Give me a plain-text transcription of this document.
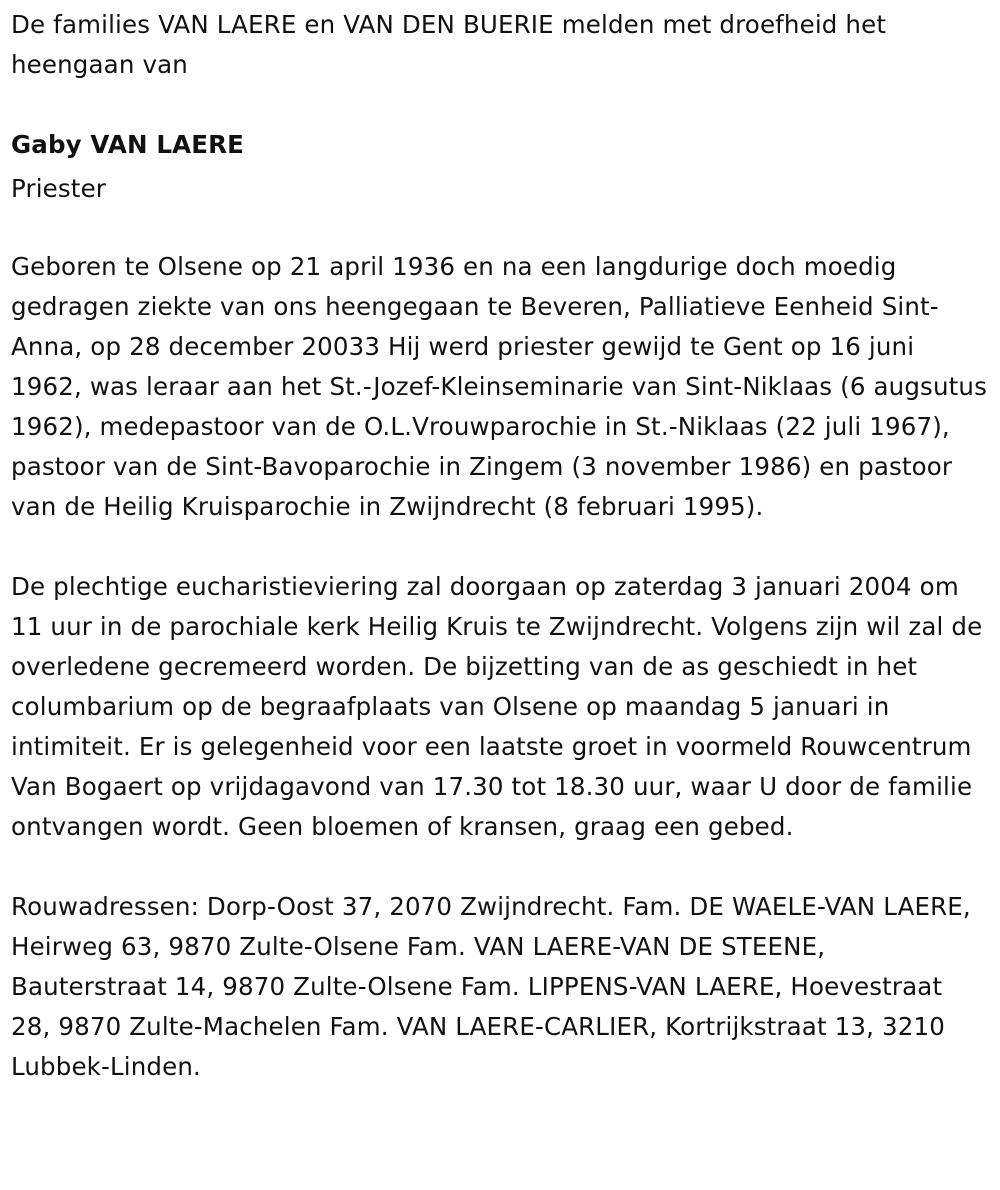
De families VAN LAERE en VAN DEN BUERIE melden met droefheid het heengaan van

Gaby VAN LAERE

Priester

Geboren te Olsene op 21 april 1936 en na een langdurige doch moedig gedragen ziekte van ons heengegaan te Beveren, Palliatieve Eenheid Sint-Anna, op 28 december 20033 Hij werd priester gewijd te Gent op 16 juni 1962, was leraar aan het St.-Jozef-Kleinseminarie van Sint-Niklaas (6 augsutus 1962), medepastoor van de O.L.Vrouwparochie in St.-Niklaas (22 juli 1967), pastoor van de Sint-Bavoparochie in Zingem (3 november 1986) en pastoor van de Heilig Kruisparochie in Zwijndrecht (8 februari 1995).

De plechtige eucharistieviering zal doorgaan op zaterdag 3 januari 2004 om 11 uur in de parochiale kerk Heilig Kruis te Zwijndrecht. Volgens zijn wil zal de overledene gecremeerd worden. De bijzetting van de as geschiedt in het columbarium op de begraafplaats van Olsene op maandag 5 januari in intimiteit. Er is gelegenheid voor een laatste groet in voormeld Rouwcentrum Van Bogaert op vrijdagavond van 17.30 tot 18.30 uur, waar U door de familie ontvangen wordt. Geen bloemen of kransen, graag een gebed.

Rouwadressen: Dorp-Oost 37, 2070 Zwijndrecht. Fam. DE WAELE-VAN LAERE, Heirweg 63, 9870 Zulte-Olsene Fam. VAN LAERE-VAN DE STEENE, Bauterstraat 14, 9870 Zulte-Olsene Fam. LIPPENS-VAN LAERE, Hoevestraat 28, 9870 Zulte-Machelen Fam. VAN LAERE-CARLIER, Kortrijkstraat 13, 3210 Lubbek-Linden.
